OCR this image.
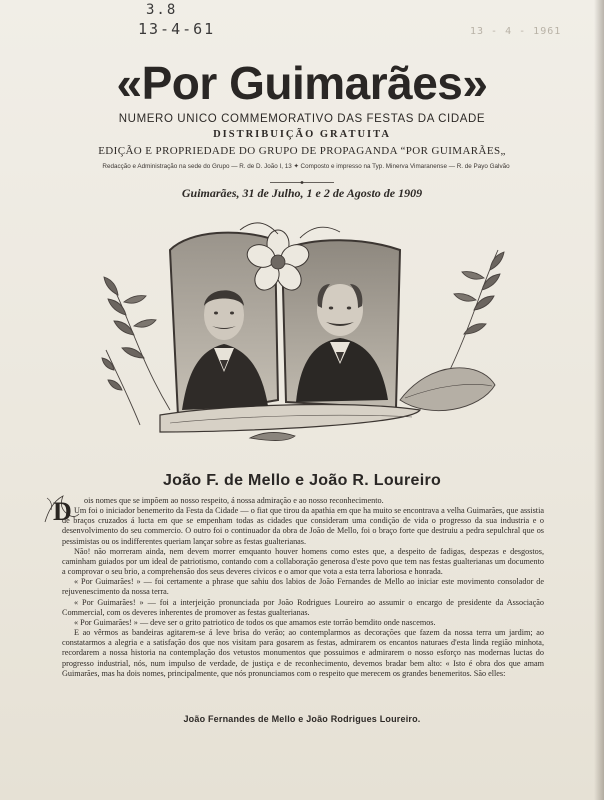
3.8
13-4-61	13 - 4 - 1961
«Por Guimarães»
NUMERO UNICO COMMEMORATIVO DAS FESTAS DA CIDADE
DISTRIBUIÇÃO GRATUITA
EDIÇÃO E PROPRIEDADE DO GRUPO DE PROPAGANDA “POR GUIMARÃES„
Redacção e Administração na sede do Grupo — R. de D. João I, 13 ✦ Composto e impresso na Typ. Minerva Vimaranense — R. de Payo Galvão
Guimarães, 31 de Julho, 1 e 2 de Agosto de 1909
João F. de Mello e João R. Loureiro
D	ois nomes que se impõem ao nosso respeito, á nossa admiração e ao nosso reconhecimento.

Um foi o iniciador benemerito da Festa da Cidade — o fiat que tirou da apathia em que ha muito se encontrava a velha Guimarães, que assistia de braços cruzados á lucta em que se empenham todas as cidades que consideram uma condição de vida o progresso da sua industria e o desenvolvimento do seu commercio. O outro foi o continuador da obra de João de Mello, foi o braço forte que destruiu a pedra sepulchral que os pessimistas ou os indifferentes queriam lançar sobre as festas gualterianas.

Não! não morreram ainda, nem devem morrer emquanto houver homens como estes que, a despeito de fadigas, despezas e desgostos, caminham guiados por um ideal de patriotismo, contando com a collaboração generosa d'este povo que tem nas festas gualterianas um documento a comprovar o seu brio, a comprehensão dos seus deveres civicos e o amor que vota a esta terra laboriosa e honrada.

« Por Guimarães! » — foi certamente a phrase que sahiu dos labios de João Fernandes de Mello ao iniciar este movimento consolador de rejuvenescimento da nossa terra.

« Por Guimarães! » — foi a interjeição pronunciada por João Rodrigues Loureiro ao assumir o encargo de presidente da Associação Commercial, com os deveres inherentes de promover as festas gualterianas.

« Por Guimarães! » — deve ser o grito patriotico de todos os que amamos este torrão bemdito onde nascemos.

E ao vêrmos as bandeiras agitarem-se á leve brisa do verão; ao contemplarmos as decorações que fazem da nossa terra um jardim; ao constatarmos a alegria e a satisfação dos que nos visitam para gosarem as festas, admirarem os encantos naturaes d'esta linda região minhota, recordarem a nossa historia na contemplação dos vetustos monumentos que possuimos e admirarem o nosso esforço nas modernas luctas do progresso industrial, nós, num impulso de verdade, de justiça e de reconhecimento, devemos bradar bem alto: « Isto é obra dos que amam Guimarães, mas ha dois nomes, principalmente, que nós pronunciamos com o respeito que merecem os grandes benemeritos. São elles:

João Fernandes de Mello e João Rodrigues Loureiro.
